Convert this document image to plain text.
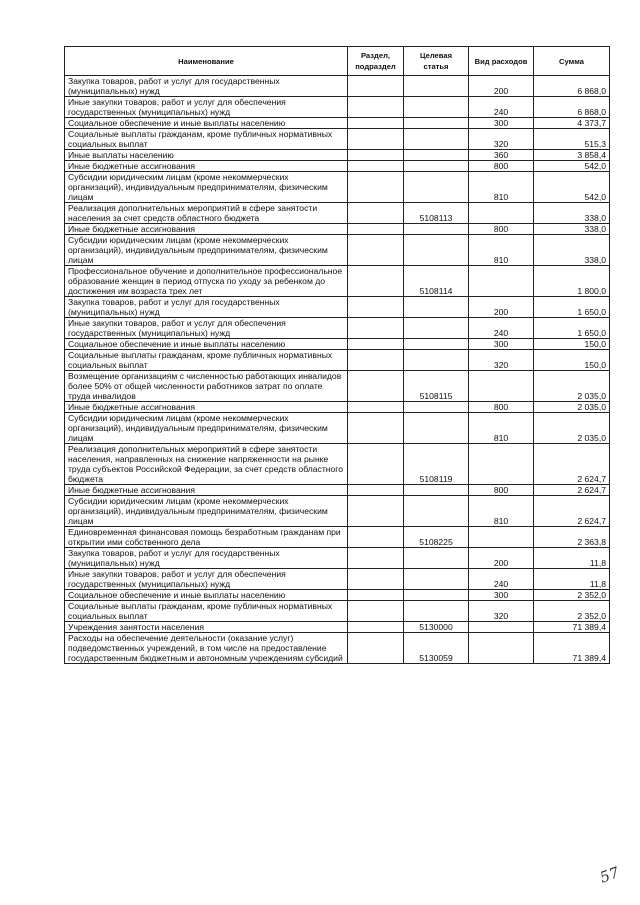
Наименование	Раздел, подраздел	Целевая статья	Вид расходов	Сумма
Закупка товаров, работ и услуг для государственных (муниципальных) нужд			200	6 868,0
Иные закупки товаров, работ и услуг для обеспечения государственных (муниципальных) нужд			240	6 868,0
Социальное обеспечение и иные выплаты населению			300	4 373,7
Социальные выплаты гражданам, кроме публичных нормативных социальных выплат			320	515,3
Иные выплаты населению			360	3 858,4
Иные бюджетные ассигнования			800	542,0
Субсидии юридическим лицам (кроме некоммерческих организаций), индивидуальным предпринимателям, физическим лицам			810	542,0
Реализация дополнительных мероприятий в сфере занятости населения за счет средств областного бюджета		5108113		338,0
Иные бюджетные ассигнования			800	338,0
Субсидии юридическим лицам (кроме некоммерческих организаций), индивидуальным предпринимателям, физическим лицам			810	338,0
Профессиональное обучение и дополнительное профессиональное образование женщин в период отпуска по уходу за ребенком до достижения им возраста трех лет		5108114		1 800,0
Закупка товаров, работ и услуг для государственных (муниципальных) нужд			200	1 650,0
Иные закупки товаров, работ и услуг для обеспечения государственных (муниципальных) нужд			240	1 650,0
Социальное обеспечение и иные выплаты населению			300	150,0
Социальные выплаты гражданам, кроме публичных нормативных социальных выплат			320	150,0
Возмещение организациям с численностью работающих инвалидов более 50% от общей численности работников затрат по оплате труда инвалидов		5108115		2 035,0
Иные бюджетные ассигнования			800	2 035,0
Субсидии юридическим лицам (кроме некоммерческих организаций), индивидуальным предпринимателям, физическим лицам			810	2 035,0
Реализация дополнительных мероприятий в сфере занятости населения, направленных на снижение напряженности на рынке труда субъектов Российской Федерации, за счет средств областного бюджета		5108119		2 624,7
Иные бюджетные ассигнования			800	2 624,7
Субсидии юридическим лицам (кроме некоммерческих организаций), индивидуальным предпринимателям, физическим лицам			810	2 624,7
Единовременная финансовая помощь безработным гражданам при открытии ими собственного дела		5108225		2 363,8
Закупка товаров, работ и услуг для государственных (муниципальных) нужд			200	11,8
Иные закупки товаров, работ и услуг для обеспечения государственных (муниципальных) нужд			240	11,8
Социальное обеспечение и иные выплаты населению			300	2 352,0
Социальные выплаты гражданам, кроме публичных нормативных социальных выплат			320	2 352,0
Учреждения занятости населения		5130000		71 389,4
Расходы на обеспечение деятельности (оказание услуг) подведомственных учреждений, в том числе на предоставление государственным бюджетным и автономным учреждениям субсидий		5130059		71 389,4
57
